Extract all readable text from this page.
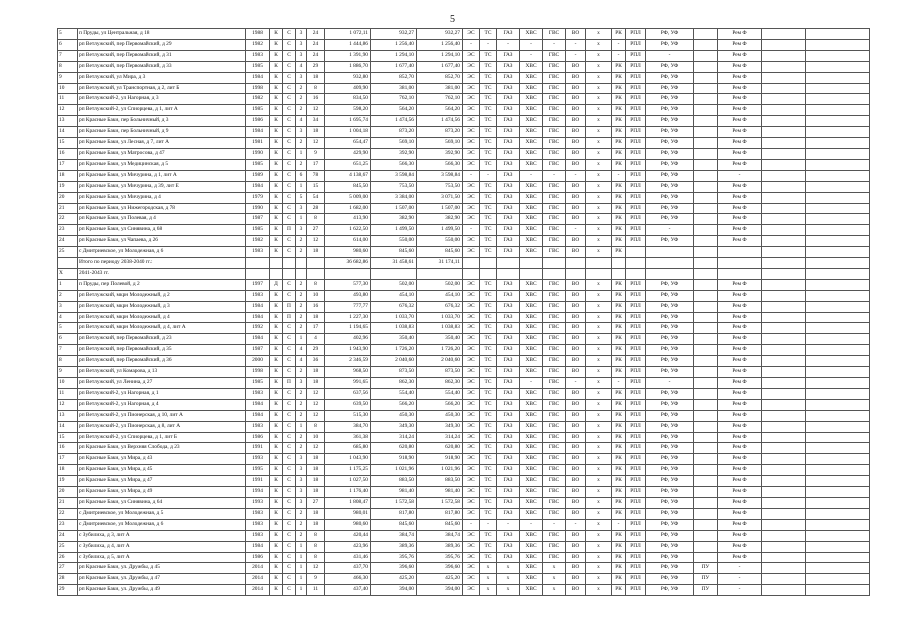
5
5	п Пруды, ул Центральная, д 18	1988	К	С	3	24	1 072,11	932,27	932,27	ЭС	ТС	ГАЗ	ХВС	ГВС	ВО	х	РК	РПЛ	РФ, УФ		Рем Ф		
6	рп Ветлужский, пер Первомайский, д 29	1982	К	С	3	24	1 444,86	1 256,40	1 256,40	-	-	-	-	-	-	х	-	РПЛ	РФ, УФ		Рем Ф		
7	рп Ветлужский, пер Первомайский, д 31	1983	К	С	3	24	1 391,90	1 294,10	1 294,10	ЭС	ТС	ГАЗ	-	ГВС	-	х	-	РПЛ	-		Рем Ф		
8	рп Ветлужский, пер Первомайский, д 33	1985	К	С	4	29	1 886,70	1 677,40	1 677,40	ЭС	ТС	ГАЗ	ХВС	ГВС	ВО	х	РК	РПЛ	РФ, УФ		Рем Ф		
9	рп Ветлужский, ул Мира, д 3	1984	К	С	3	18	932,80	852,70	852,70	ЭС	ТС	ГАЗ	ХВС	ГВС	ВО	х	РК	РПЛ	РФ, УФ		Рем Ф		
10	рп Ветлужский, ул Транспортная, д 2, лит Б	1998	К	С	2	8	409,90	381,00	381,00	ЭС	ТС	ГАЗ	ХВС	ГВС	ВО	х	РК	РПЛ	РФ, УФ		Рем Ф		
11	рп Ветлужский-2, ул Нагорная, д 3	1982	К	С	2	16	834,50	762,10	762,10	ЭС	ТС	ГАЗ	ХВС	ГВС	ВО	х	РК	РПЛ	РФ, УФ		Рем Ф		
12	рп Ветлужский-2, ул Спиорцева, д 1, лит А	1985	К	С	2	12	598,20	564,20	564,20	ЭС	ТС	ГАЗ	ХВС	ГВС	ВО	х	РК	РПЛ	РФ, УФ		Рем Ф		
13	рп Красные Баки, пер Больничный, д 3	1986	К	С	4	34	1 695,74	1 474,56	1 474,56	ЭС	ТС	ГАЗ	ХВС	ГВС	ВО	х	РК	РПЛ	РФ, УФ		Рем Ф		
14	рп Красные Баки, пер Больничный, д 9	1984	К	С	3	18	1 004,18	873,20	873,20	ЭС	ТС	ГАЗ	ХВС	ГВС	ВО	х	РК	РПЛ	РФ, УФ		Рем Ф		
15	рп Красные Баки, ул Лесная, д 7, лит А	1981	К	С	2	12	654,47	569,10	569,10	ЭС	ТС	ГАЗ	ХВС	ГВС	ВО	х	РК	РПЛ	РФ, УФ		Рем Ф		
16	рп Красные Баки, ул Матросова, д 47	1990	К	С	1	9	429,90	392,90	392,90	ЭС	ТС	ГАЗ	ХВС	ГВС	ВО	х	РК	РПЛ	РФ, УФ		Рем Ф		
17	рп Красные Баки, ул Медицинская, д 5	1985	К	С	2	17	651,25	566,30	566,30	ЭС	ТС	ГАЗ	ХВС	ГВС	ВО	х	РК	РПЛ	РФ, УФ		Рем Ф		
18	рп Красные Баки, ул Мичурина, д 1, лит А	1989	К	С	6	78	4 138,67	3 598,84	3 598,84	-	-	ГАЗ	-	-	-	х	-	РПЛ	РФ, УФ		-		
19	рп Красные Баки, ул Мичурина, д 39, лит Е	1984	К	С	1	15	845,50	753,50	753,50	ЭС	ТС	ГАЗ	ХВС	ГВС	ВО	х	РК	РПЛ	РФ, УФ		Рем Ф		
20	рп Красные Баки, ул Мичурина, д 4	1979	К	С	5	54	5 009,00	3 384,00	3 071,50	ЭС	ТС	ГАЗ	ХВС	ГВС	ВО	х	РК	РПЛ	РФ, УФ		Рем Ф		
21	рп Красные Баки, ул Нижегородская, д 78	1990	К	С	3	28	1 682,00	1 507,00	1 507,00	ЭС	ТС	ГАЗ	ХВС	ГВС	ВО	х	РК	РПЛ	РФ, УФ		Рем Ф		
22	рп Красные Баки, ул Полевая, д 4	1987	К	С	1	8	413,90	382,90	382,90	ЭС	ТС	ГАЗ	ХВС	ГВС	ВО	х	РК	РПЛ	РФ, УФ		Рем Ф		
23	рп Красные Баки, ул Синявина, д 68	1985	К	П	3	27	1 622,50	1 499,50	1 499,50	-	ТС	ГАЗ	ХВС	ГВС	-	х	РК	РПЛ	-		Рем Ф		
24	рп Красные Баки, ул Чапаева, д 26	1982	К	С	2	12	614,00	550,00	550,00	ЭС	ТС	ГАЗ	ХВС	ГВС	ВО	х	РК	РПЛ	РФ, УФ		Рем Ф		
25	с Дмитриевское, ул Молодежная, д 6	1983	К	С	2	18	980,60	845,60	845,60	ЭС	ТС	ГАЗ	ХВС	ГВС	ВО	х	РК						
	Итого по периоду 2038-2040 гг.:						36 682,86	31 458,61	31 174,11														
Х	2041-2043 гг.																						
1	п Пруды, пер Полевой, д 2	1997	Д	С	2	8	577,30	502,00	502,00	ЭС	ТС	ГАЗ	ХВС	ГВС	ВО	х	РК	РПЛ	РФ, УФ		Рем Ф		
2	рп Ветлужский, мкрн Молодежный, д 2	1983	К	С	2	10	493,80	454,10	454,10	ЭС	ТС	ГАЗ	ХВС	ГВС	ВО	х	РК	РПЛ	РФ, УФ		Рем Ф		
3	рп Ветлужский, мкрн Молодежный, д 3	1984	К	П	2	16	777,77	676,32	676,32	ЭС	ТС	ГАЗ	ХВС	ГВС	ВО	х	РК	РПЛ	РФ, УФ		Рем Ф		
4	рп Ветлужский, мкрн Молодежный, д 4	1984	К	П	2	18	1 227,30	1 033,70	1 033,70	ЭС	ТС	ГАЗ	ХВС	ГВС	ВО	х	РК	РПЛ	РФ, УФ		Рем Ф		
5	рп Ветлужский, мкрн Молодежный, д 4, лит А	1992	К	С	2	17	1 194,65	1 038,83	1 038,83	ЭС	ТС	ГАЗ	ХВС	ГВС	ВО	х	РК	РПЛ	РФ, УФ		Рем Ф		
6	рп Ветлужский, пер Первомайский, д 23	1984	К	С	1	4	402,96	350,40	350,40	ЭС	ТС	ГАЗ	ХВС	ГВС	ВО	х	РК	РПЛ	РФ, УФ		Рем Ф		
7	рп Ветлужский, пер Первомайский, д 35	1987	К	С	4	29	1 943,90	1 726,20	1 726,20	ЭС	ТС	ГАЗ	ХВС	ГВС	ВО	х	РК	РПЛ	РФ, УФ		Рем Ф		
8	рп Ветлужский, пер Первомайский, д 36	2000	К	С	4	36	2 346,59	2 040,60	2 040,60	ЭС	ТС	ГАЗ	ХВС	ГВС	ВО	х	РК	РПЛ	РФ, УФ		Рем Ф		
9	рп Ветлужский, ул Комарова, д 13	1998	К	С	2	18	968,50	873,50	873,50	ЭС	ТС	ГАЗ	ХВС	ГВС	ВО	х	РК	РПЛ	РФ, УФ		Рем Ф		
10	рп Ветлужский, ул Ленина, д 27	1985	К	П	3	18	991,65	862,30	862,30	ЭС	ТС	ГАЗ	-	ГВС	-	х	-	РПЛ	-		Рем Ф		
11	рп Ветлужский-2, ул Нагорная, д 1	1983	К	С	2	12	637,56	554,40	554,40	ЭС	ТС	ГАЗ	ХВС	ГВС	ВО	х	РК	РПЛ	РФ, УФ		Рем Ф		
12	рп Ветлужский-2, ул Нагорная, д 4	1984	К	С	2	12	639,50	566,20	566,20	ЭС	ТС	ГАЗ	ХВС	ГВС	ВО	х	РК	РПЛ	РФ, УФ		Рем Ф		
13	рп Ветлужский-2, ул Пионерская, д 10, лит А	1984	К	С	2	12	515,30	450,30	450,30	ЭС	ТС	ГАЗ	ХВС	ГВС	ВО	х	РК	РПЛ	РФ, УФ		Рем Ф		
14	рп Ветлужский-2, ул Пионерская, д 8, лит А	1983	К	С	1	8	384,70	349,30	349,30	ЭС	ТС	ГАЗ	ХВС	ГВС	ВО	х	РК	РПЛ	РФ, УФ		Рем Ф		
15	рп Ветлужский-2, ул Спиорцева, д 1, лит Б	1986	К	С	2	10	361,38	314,24	314,24	ЭС	ТС	ГАЗ	ХВС	ГВС	ВО	х	РК	РПЛ	РФ, УФ		Рем Ф		
16	рп Красные Баки, ул Верхняя Слобода, д 23	1991	К	С	2	12	685,80	620,80	620,80	ЭС	ТС	ГАЗ	ХВС	ГВС	ВО	х	РК	РПЛ	РФ, УФ		Рем Ф		
17	рп Красные Баки, ул Мира, д 43	1993	К	С	3	18	1 043,90	918,90	918,90	ЭС	ТС	ГАЗ	ХВС	ГВС	ВО	х	РК	РПЛ	РФ, УФ		Рем Ф		
18	рп Красные Баки, ул Мира, д 45	1995	К	С	3	18	1 175,25	1 021,96	1 021,96	ЭС	ТС	ГАЗ	ХВС	ГВС	ВО	х	РК	РПЛ	РФ, УФ		Рем Ф		
19	рп Красные Баки, ул Мира, д 47	1991	К	С	3	18	1 027,50	883,50	883,50	ЭС	ТС	ГАЗ	ХВС	ГВС	ВО	х	РК	РПЛ	РФ, УФ		Рем Ф		
20	рп Красные Баки, ул Мира, д 49	1994	К	С	3	18	1 176,40	981,40	981,40	ЭС	ТС	ГАЗ	ХВС	ГВС	ВО	х	РК	РПЛ	РФ, УФ		Рем Ф		
21	рп Красные Баки, ул Синявина, д 64	1993	К	С	3	27	1 808,47	1 572,58	1 572,58	ЭС	ТС	ГАЗ	ХВС	ГВС	ВО	х	РК	РПЛ	РФ, УФ		Рем Ф		
22	с Дмитриевское, ул Молодежная, д 5	1983	К	С	2	18	980,01	817,80	817,80	ЭС	ТС	ГАЗ	ХВС	ГВС	ВО	х	РК	РПЛ	РФ, УФ		Рем Ф		
23	с Дмитриевское, ул Молодежная, д 6	1983	К	С	2	18	980,60	845,60	845,60	-	-	-	-	-	-	х	-	РПЛ	РФ, УФ		Рем Ф		
24	с Зубилиха, д 3, лит А	1983	К	С	2	8	420,44	384,74	384,74	ЭС	ТС	ГАЗ	ХВС	ГВС	ВО	х	РК	РПЛ	РФ, УФ		Рем Ф		
25	с Зубилиха, д 4, лит А	1984	К	С	1	8	423,96	389,36	389,36	ЭС	ТС	ГАЗ	ХВС	ГВС	ВО	х	РК	РПЛ	РФ, УФ		Рем Ф		
26	с Зубилиха, д 5, лит А	1986	К	С	1	8	431,46	395,76	395,76	ЭС	ТС	ГАЗ	ХВС	ГВС	ВО	х	РК	РПЛ	РФ, УФ		Рем Ф		
27	рп Красные Баки, ул. Дружбы, д 45	2014	К	С	1	12	437,70	396,60	396,60	ЭС	х	х	ХВС	х	ВО	х	РК	РПЛ	РФ, УФ	ПУ	-		
28	рп Красные Баки, ул. Дружбы, д 47	2014	К	С	1	9	466,30	425,20	425,20	ЭС	х	х	ХВС	х	ВО	х	РК	РПЛ	РФ, УФ	ПУ	-		
29	рп Красные Баки, ул. Дружбы, д 49	2014	К	С	1	11	437,40	394,00	394,00	ЭС	х	х	ХВС	х	ВО	х	РК	РПЛ	РФ, УФ	ПУ	-		
